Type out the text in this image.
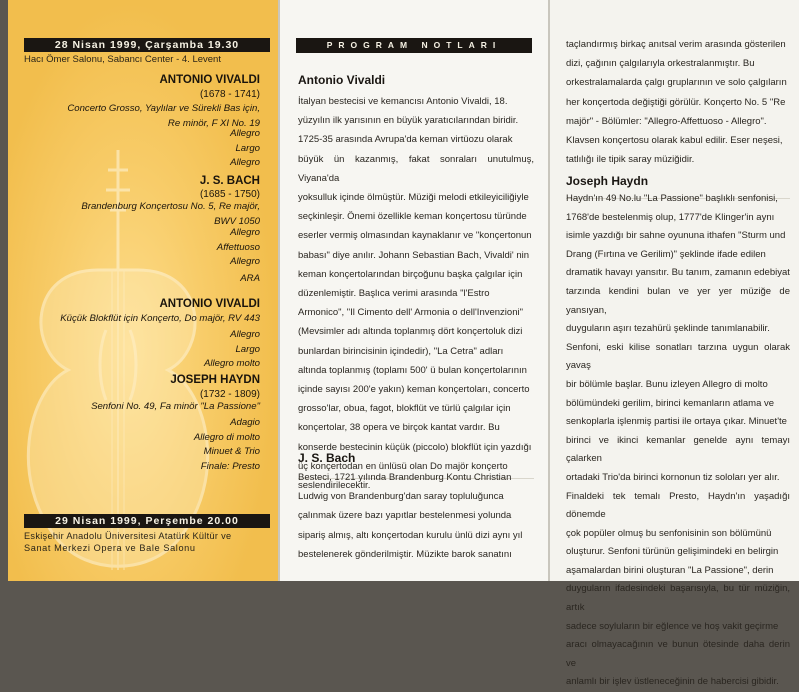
28 Nisan 1999, Çarşamba 19.30
Hacı Ömer Salonu, Sabancı Center - 4. Levent
ANTONIO VIVALDI
(1678 - 1741)
Concerto Grosso, Yaylılar ve Sürekli Bas için,
Re minör, F XI No. 19
Allegro
Largo
Allegro
J. S. BACH
(1685 - 1750)
Brandenburg Konçertosu No. 5, Re majör,
BWV 1050
Allegro
Affettuoso
Allegro
ARA
ANTONIO VIVALDI
Küçük Blokflüt için Konçerto, Do majör, RV 443
Allegro
Largo
Allegro molto
JOSEPH HAYDN
(1732 - 1809)
Senfoni No. 49, Fa minör "La Passione"
Adagio
Allegro di molto
Minuet & Trio
Finale: Presto
29 Nisan 1999, Perşembe 20.00
Eskişehir Anadolu Üniversitesi Atatürk Kültür ve
Sanat Merkezi Opera ve Bale Salonu
PROGRAM NOTLARI
Antonio Vivaldi
İtalyan bestecisi ve kemancısı Antonio Vivaldi, 18.
yüzyılın ilk yarısının en büyük yaratıcılarından biridir.
1725-35 arasında Avrupa'da keman virtüozu olarak
büyük ün kazanmış, fakat sonraları unutulmuş, Viyana'da
yoksulluk içinde ölmüştür. Müziği melodi etkileyiciliğiyle
seçkinleşir. Önemi özellikle keman konçertosu türünde
eserler vermiş olmasından kaynaklanır ve "konçertonun
babası" diye anılır. Johann Sebastian Bach, Vivaldi' nin
keman konçertolarından birçoğunu başka çalgılar için
düzenlemiştir. Başlıca verimi arasında "l'Estro
Armonico", "Il Cimento dell' Armonia o dell'Invenzioni"
(Mevsimler adı altında toplanmış dört konçertoluk dizi
bunlardan birincisinin içindedir), "La Cetra" adları
altında toplanmış (toplamı 500' ü bulan konçertolarının
içinde sayısı 200'e yakın) keman konçertoları, concerto
grosso'lar, obua, fagot, blokflüt ve türlü çalgılar için
konçertolar, 38 opera ve birçok kantat vardır. Bu
konserde bestecinin küçük (piccolo) blokflüt için yazdığı
üç konçertodan en ünlüsü olan Do majör konçerto
seslendirilecektir.
J. S. Bach
Besteci, 1721 yılında Brandenburg Kontu Christian
Ludwig von Brandenburg'dan saray topluluğunca
çalınmak üzere bazı yapıtlar bestelenmesi yolunda
sipariş almış, altı konçertodan kurulu ünlü dizi aynı yıl
bestelenerek gönderilmiştir. Müzikte barok sanatını
taçlandırmış birkaç anıtsal verim arasında gösterilen
dizi, çağının çalgılarıyla orkestralanmıştır. Bu
orkestralamalarda çalgı gruplarının ve solo çalgıların
her konçertoda değiştiği görülür. Konçerto No. 5 "Re
majör" - Bölümler: "Allegro-Affettuoso - Allegro".
Klavsen konçertosu olarak kabul edilir. Eser neşesi,
tatlılığı ile tipik saray müziğidir.
Joseph Haydn
Haydn'ın 49 No.lu "La Passione" başlıklı senfonisi,
1768'de bestelenmiş olup, 1777'de Klinger'in aynı
isimle yazdığı bir sahne oyununa ithafen "Sturm und
Drang (Fırtına ve Gerilim)" şeklinde ifade edilen
dramatik havayı yansıtır. Bu tanım, zamanın edebiyat
tarzında kendini bulan ve yer yer müziğe de yansıyan,
duyguların aşırı tezahürü şeklinde tanımlanabilir.
Senfoni, eski kilise sonatları tarzına uygun olarak yavaş
bir bölümle başlar. Bunu izleyen Allegro di molto
bölümündeki gerilim, birinci kemanların atlama ve
senkoplarla işlenmiş partisi ile ortaya çıkar. Minuet'te
birinci ve ikinci kemanlar genelde aynı temayı çalarken
ortadaki Trio'da birinci kornonun tiz soloları yer alır.
Finaldeki tek temalı Presto, Haydn'ın yaşadığı dönemde
çok popüler olmuş bu senfonisinin son bölümünü
oluşturur. Senfoni türünün gelişimindeki en belirgin
aşamalardan birini oluşturan "La Passione", derin
duyguların ifadesindeki başarısıyla, bu tür müziğin, artık
sadece soyluların bir eğlence ve hoş vakit geçirme
aracı olmayacağının ve bunun ötesinde daha derin ve
anlamlı bir işlev üstleneceğinin de habercisi gibidir.
